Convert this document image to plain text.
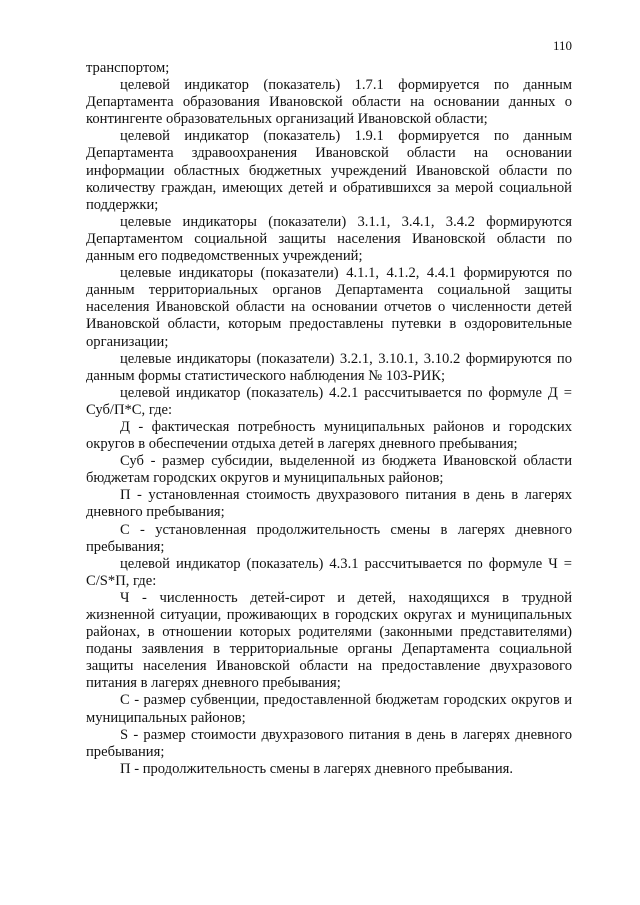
110

транспортом;

целевой индикатор (показатель) 1.7.1 формируется по данным Департамента образования Ивановской области на основании данных о контингенте образовательных организаций Ивановской области;

целевой индикатор (показатель) 1.9.1 формируется по данным Департамента здравоохранения Ивановской области на основании информации областных бюджетных учреждений Ивановской области по количеству граждан, имеющих детей и обратившихся за мерой социальной поддержки;

целевые индикаторы (показатели) 3.1.1, 3.4.1, 3.4.2 формируются Департаментом социальной защиты населения Ивановской области по данным его подведомственных учреждений;

целевые индикаторы (показатели) 4.1.1, 4.1.2, 4.4.1 формируются по данным территориальных органов Департамента социальной защиты населения Ивановской области на основании отчетов о численности детей Ивановской области, которым предоставлены путевки в оздоровительные организации;

целевые индикаторы (показатели) 3.2.1, 3.10.1, 3.10.2 формируются по данным формы статистического наблюдения № 103-РИК;

целевой индикатор (показатель) 4.2.1 рассчитывается по формуле Д = Суб/П*С, где:

Д - фактическая потребность муниципальных районов и городских округов в обеспечении отдыха детей в лагерях дневного пребывания;

Суб - размер субсидии, выделенной из бюджета Ивановской области бюджетам городских округов и муниципальных районов;

П - установленная стоимость двухразового питания в день в лагерях дневного пребывания;

С - установленная продолжительность смены в лагерях дневного пребывания;

целевой индикатор (показатель) 4.3.1 рассчитывается по формуле Ч = C/S*П, где:

Ч - численность детей-сирот и детей, находящихся в трудной жизненной ситуации, проживающих в городских округах и муниципальных районах, в отношении которых родителями (законными представителями) поданы заявления в территориальные органы Департамента социальной защиты населения Ивановской области на предоставление двухразового питания в лагерях дневного пребывания;

С - размер субвенции, предоставленной бюджетам городских округов и муниципальных районов;

S - размер стоимости двухразового питания в день в лагерях дневного пребывания;

П - продолжительность смены в лагерях дневного пребывания.
